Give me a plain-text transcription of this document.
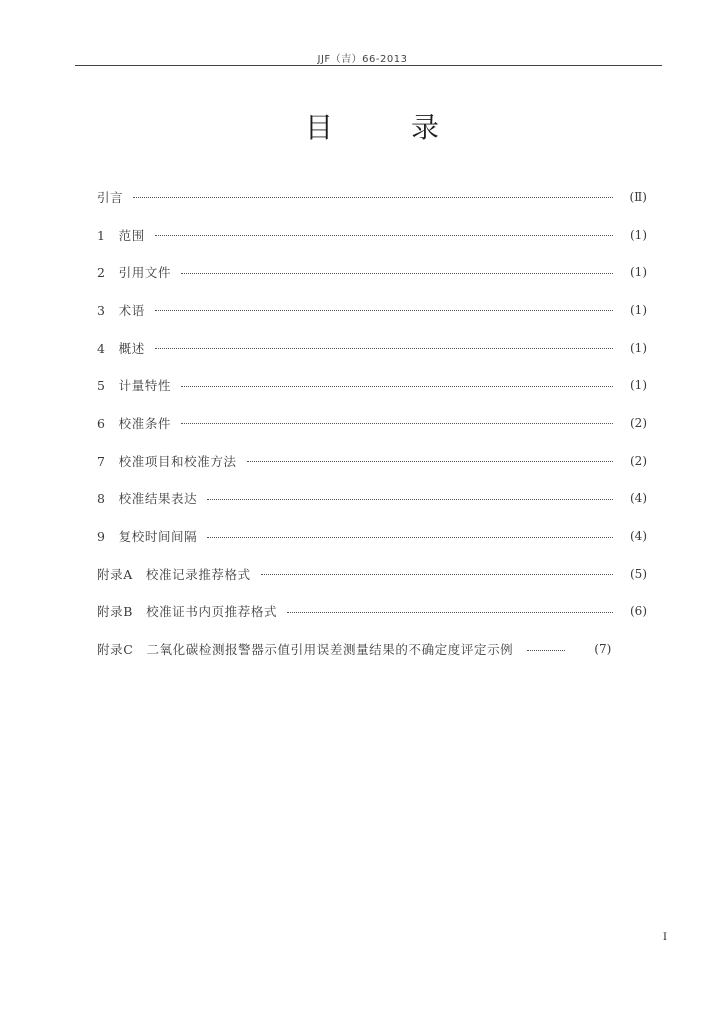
JJF（吉）66-2013
目	录
引言	(Ⅱ)
1　范围	(1)
2　引用文件	(1)
3　术语	(1)
4　概述	(1)
5　计量特性	(1)
6　校准条件	(2)
7　校准项目和校准方法	(2)
8　校准结果表达	(4)
9　复校时间间隔	(4)
附录A　校准记录推荐格式	(5)
附录B　校准证书内页推荐格式	(6)
附录C　二氧化碳检测报警器示值引用误差测量结果的不确定度评定示例	(7)
Ⅰ
